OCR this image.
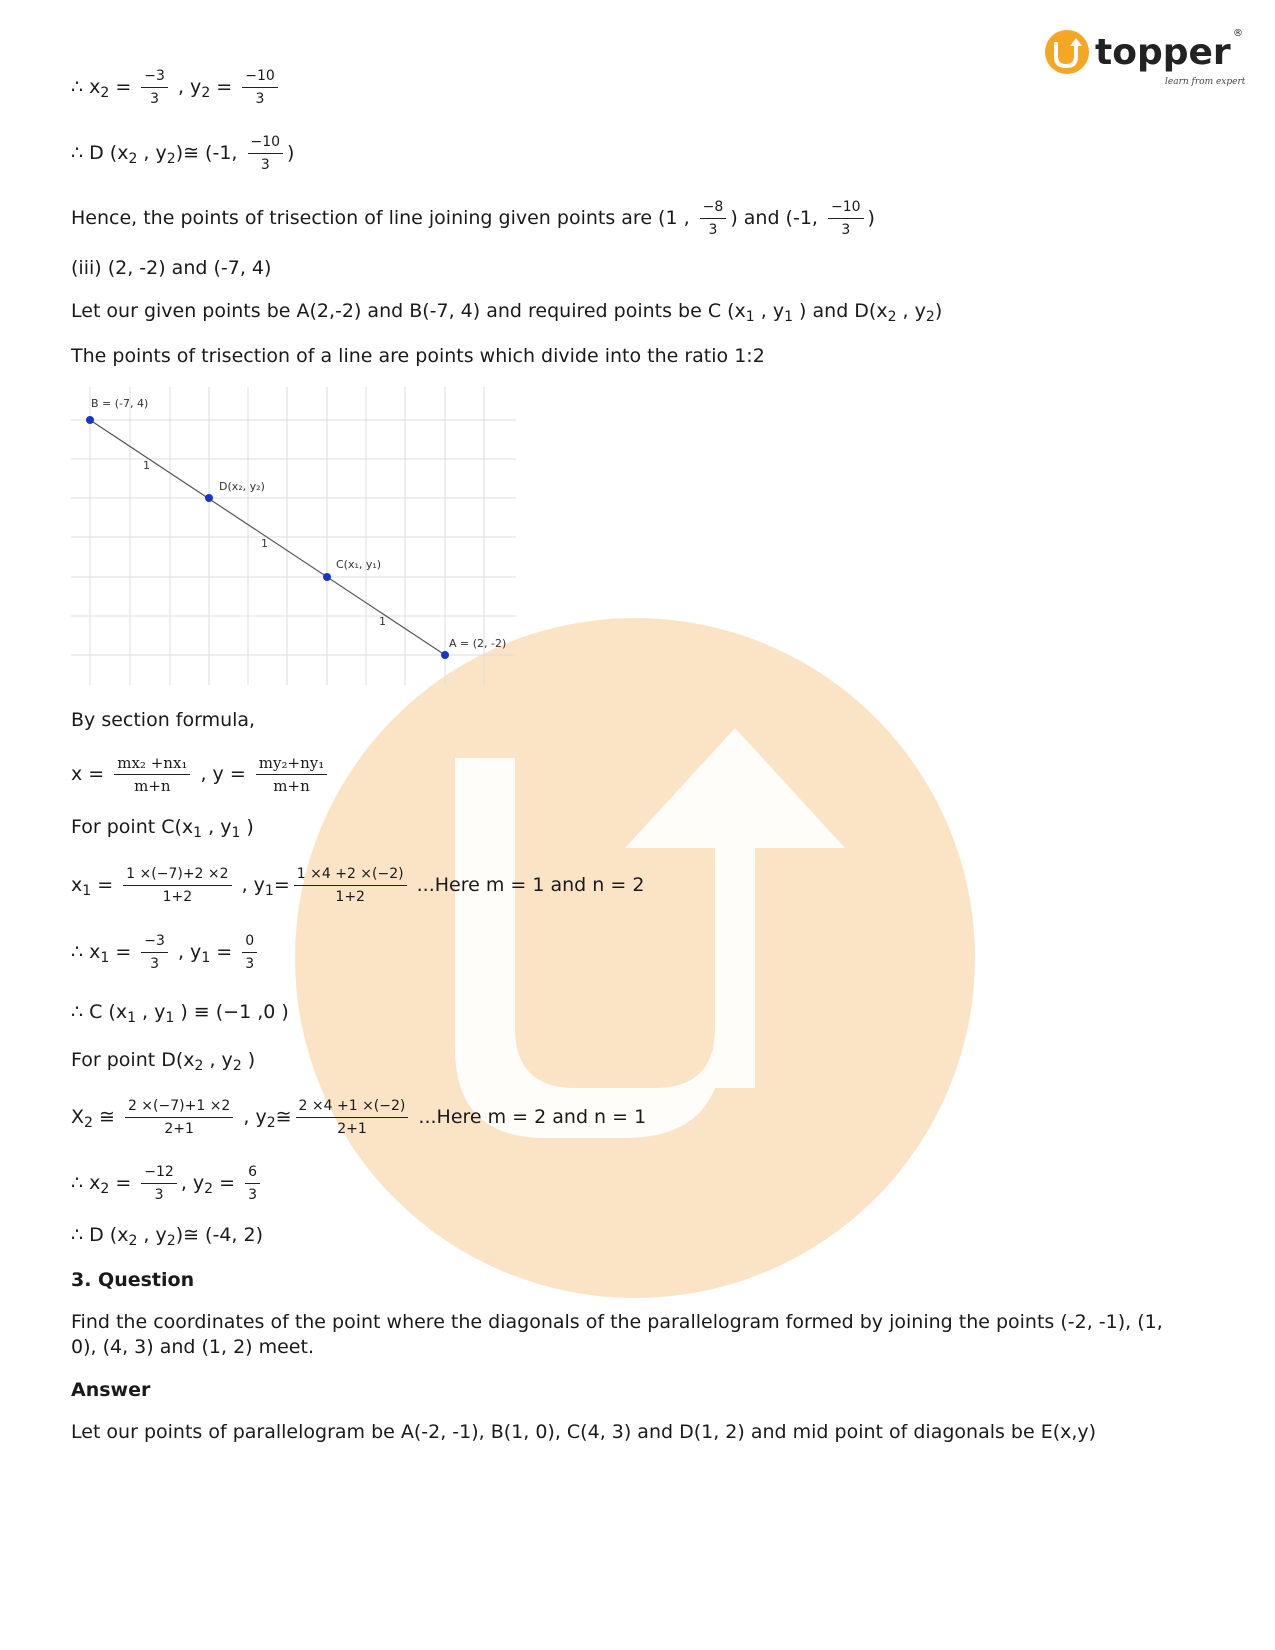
topper ®
learn from experts
∴ $x_2 = \frac{-3}{3}$ , $y_2 = \frac{-10}{3}$
∴ D ($x_2$ , $y_2)≅$ (-1, $\frac{-10}{3}$ )
Hence, the points of trisection of line joining given points are (1 , $\frac{-8}{3}$ ) and (-1, $\frac{-10}{3}$ )
(iii) (2, -2) and (-7, 4)
Let our given points be A(2,-2) and B(-7, 4) and required points be C ($x_1$ , $y_1$ ) and $D(x_2$ , $y_2$)
The points of trisection of a line are points which divide into the ratio 1:2
B = (-7, 4)
D(x₂, y₂)
C(x₁, y₁)
A = (2, -2)
1
1
1
By section formula,
$x = \frac{\text{mx₂ +nx₁}}{m+n}$ , $y = \frac{\text{my₂+ny₁}}{m+n}$
For point $C(x_1$ , $y_1$ )
$x_1 = \frac{1 \times(-7)+2 \times 2}{1+2}$ , $y_1= \frac{1 \times 4 +2 \times(-2)}{1+2}$ ...Here m = 1 and n = 2
∴ $x_1 = \frac{-3}{3}$ , $y_1 = \frac{0}{3}$
∴ C ($x_1$ , $y_1$ ) ≡ (−1 ,0 )
For point $D(x_2$ , $y_2$ )
$X_2$ ≅ $\frac{2 \times(-7)+1 \times 2}{2+1}$ , $y_2≅ \frac{2 \times 4 +1 \times(-2)}{2+1}$ ...Here m = 2 and n = 1
∴ $x_2 = \frac{-12}{3}$ , $y_2 = \frac{6}{3}$
∴ D ($x_2$ , $y_2)≅$ (-4, 2)
3. Question
Find the coordinates of the point where the diagonals of the parallelogram formed by joining the points (-2, -1), (1, 0), (4, 3) and (1, 2) meet.
Answer
Let our points of parallelogram be A(-2, -1), B(1, 0), C(4, 3) and D(1, 2) and mid point of diagonals be E(x,y)
